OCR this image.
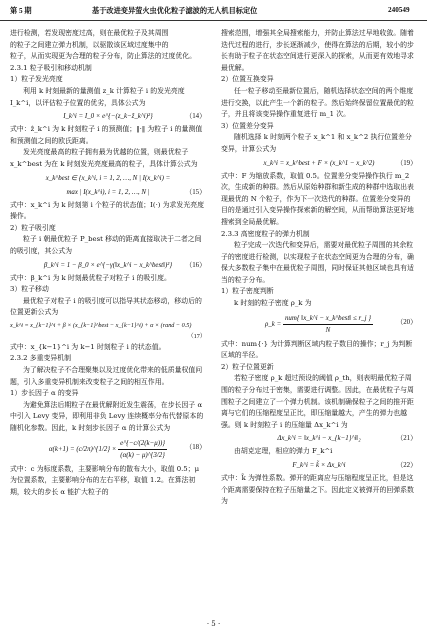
第 5 期	基于改进变异萤火虫优化粒子滤波的无人机目标定位	240549

进行检测，若发现密度过高，则在最优粒子及其周围

的粒子之间建立弹力机制，以驱散该区域过度集中的

粒子，从而实现更为合理的粒子分布，防止算法的过度优化。

2.3.1 粒子吸引和移动机制
1）粒子发光亮度

利用 k 时刻最新的量测值 z_k 计算粒子 i 的发光亮度 I_k^i，以评估粒子位置的优劣，具体公式为

I_k^i = I_0 × e^{−(z_k−ẑ_k^i)²}	（14）

式中：ẑ_k^i 为 k 时刻粒子 i 的预测值；‖·‖ 为粒子 i 的量测值和预测值之间的欧氏距离。

发光亮度最高的粒子拥有最为优越的位置，则最优粒子 x_k^best 为在 k 时刻发光亮度最高的粒子，具体计算公式为

x_k^best ∈ {x_k^i, i = 1, 2, …, N | I(x_k^i) =
max | I(x_k^i), i = 1, 2, …, N |	（15）

式中：x_k^i 为 k 时刻第 i 个粒子的状态值；I(·) 为求发光亮度操作。

2）粒子吸引度

粒子 i 朝最优粒子 P_best 移动的距离直接取决于二者之间的吸引度，其公式为

β_k^i = 1 − β_0 × e^{−γ(‖x_k^i − x_k^best‖)²} （16）

式中：β_k^i 为 k 时刻最优粒子对粒子 i 的吸引度。

3）粒子移动

最优粒子对粒子 i 的吸引度可以指导其状态移动，移动后的位置更新公式为

x_k^i = x_{k−1}^i + β × (x_{k−1}^best − x_{k−1}^i) + α × (rand − 0.5)

（17）

式中：x_{k−1}^i 为 k−1 时刻粒子 i 的状态值。

2.3.2 多重变异机制

为了解决粒子不合理聚集以及过度优化带来的低质量权值问题，引入多重变异机制来改变粒子之间的相互作用。

1）步长因子 α 的变异

为避免算法后期粒子在最优解附近发生震荡，在步长因子 α 中引入 Levy 变异，即利用非负 Levy 连续概率分布代替原本的随机化参数。因此，k 时刻步长因子 α 的计算公式为

α(k+1) = (c/2π)^{1/2} × $\frac{e\^{}\{-c/(2(k-\mu))\}}{(\alpha(k) - \mu)\^{}\{3/2\}}$	（18）

式中：c 为标度系数，主要影响分布的散布大小，取值 0.5；μ 为位置系数，主要影响分布的左右平移，取值 1.2。在算法初期，较大的步长 α 能扩大粒子的

搜索范围，增强其全局搜索能力，并防止算法过早地收敛。随着迭代过程的进行，步长逐渐减少，使得在算法的后期，较小的步长有助于粒子在状态空间进行更深入的探索，从而更有效地寻求最优解。

2）位置互换变异

任一粒子移动至最新位置后，随机选择状态空间的两个维度进行交换，以此产生一个新的粒子。然后始终保留位置最优的粒子，并且将该变异操作重复进行 m_1 次。

3）位置差分变异

随机选择 k 时刻两个粒子 x_k^1 和 x_k^2 执行位置差分变异，计算公式为

x_k^i = x_k^best + F × (x_k^1 − x_k^2)	（19）

式中：F 为缩放系数，取值 0.5。位置差分变异操作执行 m_2 次，生成新的种群。然后从原始种群和新生成的种群中选取出表现最优的 N 个粒子，作为下一次迭代的种群。位置差分变异的目的是通过引入变异操作探索新的解空间，从而帮助算法更好地搜索到全局最优解。

2.3.3 高密度粒子的弹力机制

粒子完成一次迭代和变异后，需要对最优粒子周围的其余粒子的密度进行检测，以实现粒子在状态空间更为合理的分布，确保大多数粒子集中在最优粒子周围，同时保证其他区域也具有适当的粒子分布。

1）粒子密度判断

k 时刻的粒子密度 ρ_k 为

ρ_k = $\frac{\text{num\{ ‖x\_k\textasciicircum{}i − x\_k\textasciicircum{}best‖ ≤ r\_j \}}}{N}$	（20）

式中：num{·} 为计算判断区域内粒子数目的操作；r_j 为判断区域的半径。

2）粒子位置更新

若粒子密度 ρ_k 超过预设的阈值 ρ_th，则表明最优粒子周围的粒子分布过于密集，需要进行调整。因此，在最优粒子与周围粒子之间建立了一个弹力机制。该机制确保粒子之间的推开距离与它们的压缩程度呈正比，即压缩量越大，产生的弹力也越强。则 k 时刻粒子 i 的压缩量 Δx_k^i 为

Δx_k^i = ‖x_k^i − x_{k−1}^i‖₂	（21）

由胡克定理，相应的弹力 F_k^i

F_k^i = k̃ × Δx_k^i	（22）

式中：k̃ 为弹性系数。弹开的距离应与压缩程度呈正比，但是这个距离需要保持在粒子压缩量之下。因此定义被弹开的回弹系数为

· 5 ·
